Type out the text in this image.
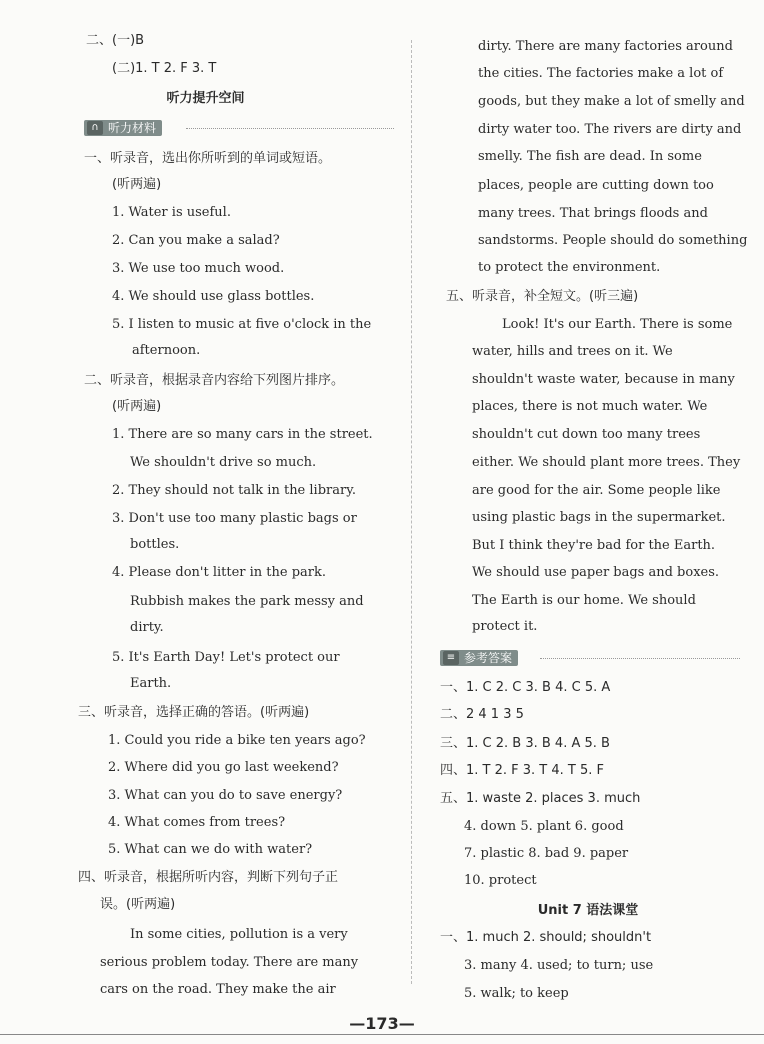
二、(一)B
(二)1. T 2. F 3. T
听力提升空间
一、听录音，选出你所听到的单词或短语。
(听两遍)
1. Water is useful.
2. Can you make a salad?
3. We use too much wood.
4. We should use glass bottles.
5. I listen to music at five o'clock in the
afternoon.
二、听录音，根据录音内容给下列图片排序。
(听两遍)
1. There are so many cars in the street.
We shouldn't drive so much.
2. They should not talk in the library.
3. Don't use too many plastic bags or
bottles.
4. Please don't litter in the park.
Rubbish makes the park messy and
dirty.
5. It's Earth Day! Let's protect our
Earth.
三、听录音，选择正确的答语。(听两遍)
1. Could you ride a bike ten years ago?
2. Where did you go last weekend?
3. What can you do to save energy?
4. What comes from trees?
5. What can we do with water?
四、听录音，根据所听内容，判断下列句子正
误。(听两遍)
In some cities, pollution is a very
serious problem today. There are many
cars on the road. They make the air
dirty. There are many factories around
the cities. The factories make a lot of
goods, but they make a lot of smelly and
dirty water too. The rivers are dirty and
smelly. The fish are dead. In some
places, people are cutting down too
many trees. That brings floods and
sandstorms. People should do something
to protect the environment.
五、听录音，补全短文。(听三遍)
Look! It's our Earth. There is some
water, hills and trees on it. We
shouldn't waste water, because in many
places, there is not much water. We
shouldn't cut down too many trees
either. We should plant more trees. They
are good for the air. Some people like
using plastic bags in the supermarket.
But I think they're bad for the Earth.
We should use paper bags and boxes.
The Earth is our home. We should
protect it.
一、1. C 2. C 3. B 4. C 5. A
二、2 4 1 3 5
三、1. C 2. B 3. B 4. A 5. B
四、1. T 2. F 3. T 4. T 5. F
五、1. waste 2. places 3. much
4. down 5. plant 6. good
7. plastic 8. bad 9. paper
10. protect
Unit 7 语法课堂
一、1. much 2. should; shouldn't
3. many 4. used; to turn; use
5. walk; to keep
∩ 听力材料
≡ 参考答案
—173—
